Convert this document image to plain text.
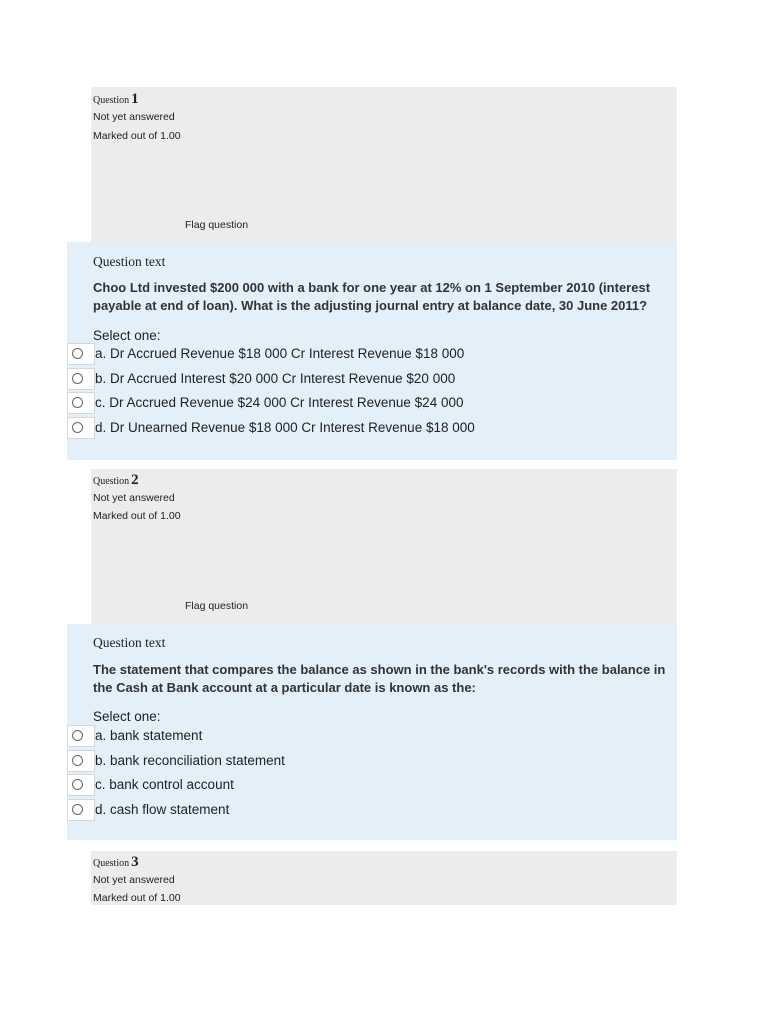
Question 1
Not yet answered
Marked out of 1.00
Flag question
Question text
Choo Ltd invested $200 000 with a bank for one year at 12% on 1 September 2010 (interest payable at end of loan). What is the adjusting journal entry at balance date, 30 June 2011?
Select one:
a. Dr Accrued Revenue $18 000 Cr Interest Revenue $18 000
b. Dr Accrued Interest $20 000 Cr Interest Revenue $20 000
c. Dr Accrued Revenue $24 000 Cr Interest Revenue $24 000
d. Dr Unearned Revenue $18 000 Cr Interest Revenue $18 000
Question 2
Not yet answered
Marked out of 1.00
Flag question
Question text
The statement that compares the balance as shown in the bank's records with the balance in the Cash at Bank account at a particular date is known as the:
Select one:
a. bank statement
b. bank reconciliation statement
c. bank control account
d. cash flow statement
Question 3
Not yet answered
Marked out of 1.00
